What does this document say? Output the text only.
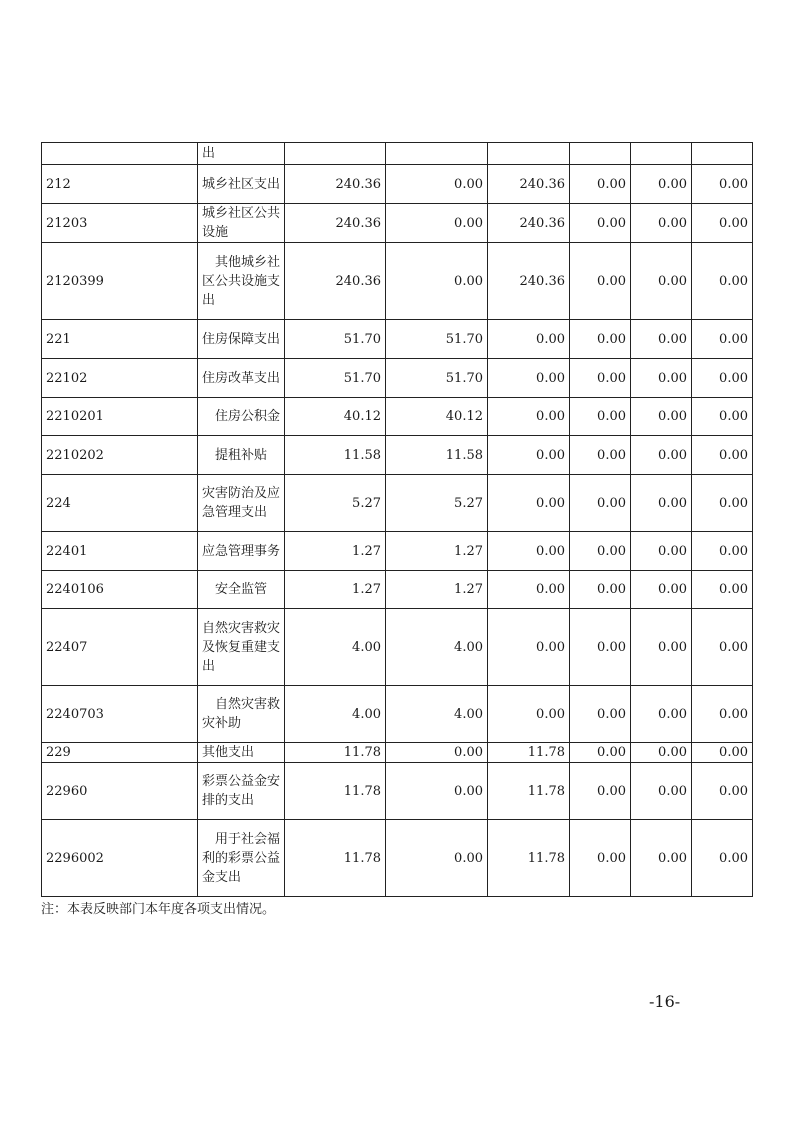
	出						
212	城乡社区支出	240.36	0.00	240.36	0.00	0.00	0.00
21203	城乡社区公共设施	240.36	0.00	240.36	0.00	0.00	0.00
2120399	其他城乡社区公共设施支出	240.36	0.00	240.36	0.00	0.00	0.00
221	住房保障支出	51.70	51.70	0.00	0.00	0.00	0.00
22102	住房改革支出	51.70	51.70	0.00	0.00	0.00	0.00
2210201	住房公积金	40.12	40.12	0.00	0.00	0.00	0.00
2210202	提租补贴	11.58	11.58	0.00	0.00	0.00	0.00
224	灾害防治及应急管理支出	5.27	5.27	0.00	0.00	0.00	0.00
22401	应急管理事务	1.27	1.27	0.00	0.00	0.00	0.00
2240106	安全监管	1.27	1.27	0.00	0.00	0.00	0.00
22407	自然灾害救灾及恢复重建支出	4.00	4.00	0.00	0.00	0.00	0.00
2240703	自然灾害救灾补助	4.00	4.00	0.00	0.00	0.00	0.00
229	其他支出	11.78	0.00	11.78	0.00	0.00	0.00
22960	彩票公益金安排的支出	11.78	0.00	11.78	0.00	0.00	0.00
2296002	用于社会福利的彩票公益金支出	11.78	0.00	11.78	0.00	0.00	0.00
注：本表反映部门本年度各项支出情况。
-16-
